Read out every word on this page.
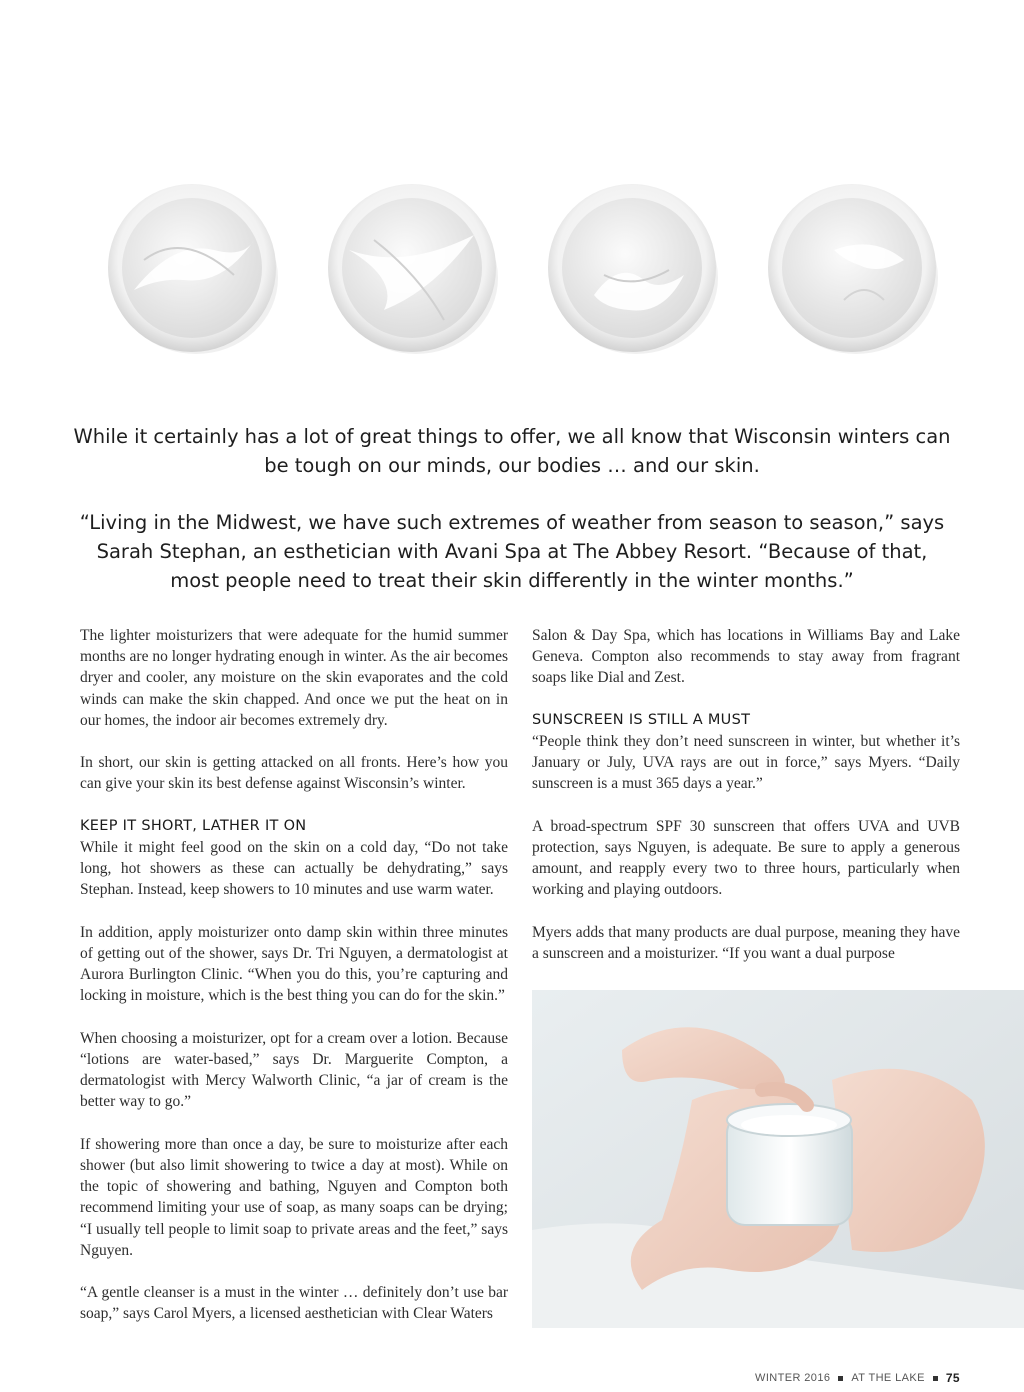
While it certainly has a lot of great things to offer, we all know that Wisconsin winters can be tough on our minds, our bodies … and our skin.

“Living in the Midwest, we have such extremes of weather from season to season,” says Sarah Stephan, an esthetician with Avani Spa at The Abbey Resort. “Because of that, most people need to treat their skin differently in the winter months.”

The lighter moisturizers that were adequate for the humid summer months are no longer hydrating enough in winter. As the air becomes dryer and cooler, any moisture on the skin evaporates and the cold winds can make the skin chapped. And once we put the heat on in our homes, the indoor air becomes extremely dry.

In short, our skin is getting attacked on all fronts. Here’s how you can give your skin its best defense against Wisconsin’s winter.

KEEP IT SHORT, LATHER IT ON

While it might feel good on the skin on a cold day, “Do not take long, hot showers as these can actually be dehydrating,” says Stephan. Instead, keep showers to 10 minutes and use warm water.

In addition, apply moisturizer onto damp skin within three minutes of getting out of the shower, says Dr. Tri Nguyen, a dermatologist at Aurora Burlington Clinic. “When you do this, you’re capturing and locking in moisture, which is the best thing you can do for the skin.”

When choosing a moisturizer, opt for a cream over a lotion. Because “lotions are water-based,” says Dr. Marguerite Compton, a dermatologist with Mercy Walworth Clinic, “a jar of cream is the better way to go.”

If showering more than once a day, be sure to moisturize after each shower (but also limit showering to twice a day at most). While on the topic of showering and bathing, Nguyen and Compton both recommend limiting your use of soap, as many soaps can be drying; “I usually tell people to limit soap to private areas and the feet,” says Nguyen.

“A gentle cleanser is a must in the winter … definitely don’t use bar soap,” says Carol Myers, a licensed aesthetician with Clear Waters

Salon & Day Spa, which has locations in Williams Bay and Lake Geneva. Compton also recommends to stay away from fragrant soaps like Dial and Zest.

SUNSCREEN IS STILL A MUST

“People think they don’t need sunscreen in winter, but whether it’s January or July, UVA rays are out in force,” says Myers. “Daily sunscreen is a must 365 days a year.”

A broad-spectrum SPF 30 sunscreen that offers UVA and UVB protection, says Nguyen, is adequate. Be sure to apply a generous amount, and reapply every two to three hours, particularly when working and playing outdoors.

Myers adds that many products are dual purpose, meaning they have a sunscreen and a moisturizer. “If you want a dual purpose

WINTER 2016 AT THE LAKE 75
